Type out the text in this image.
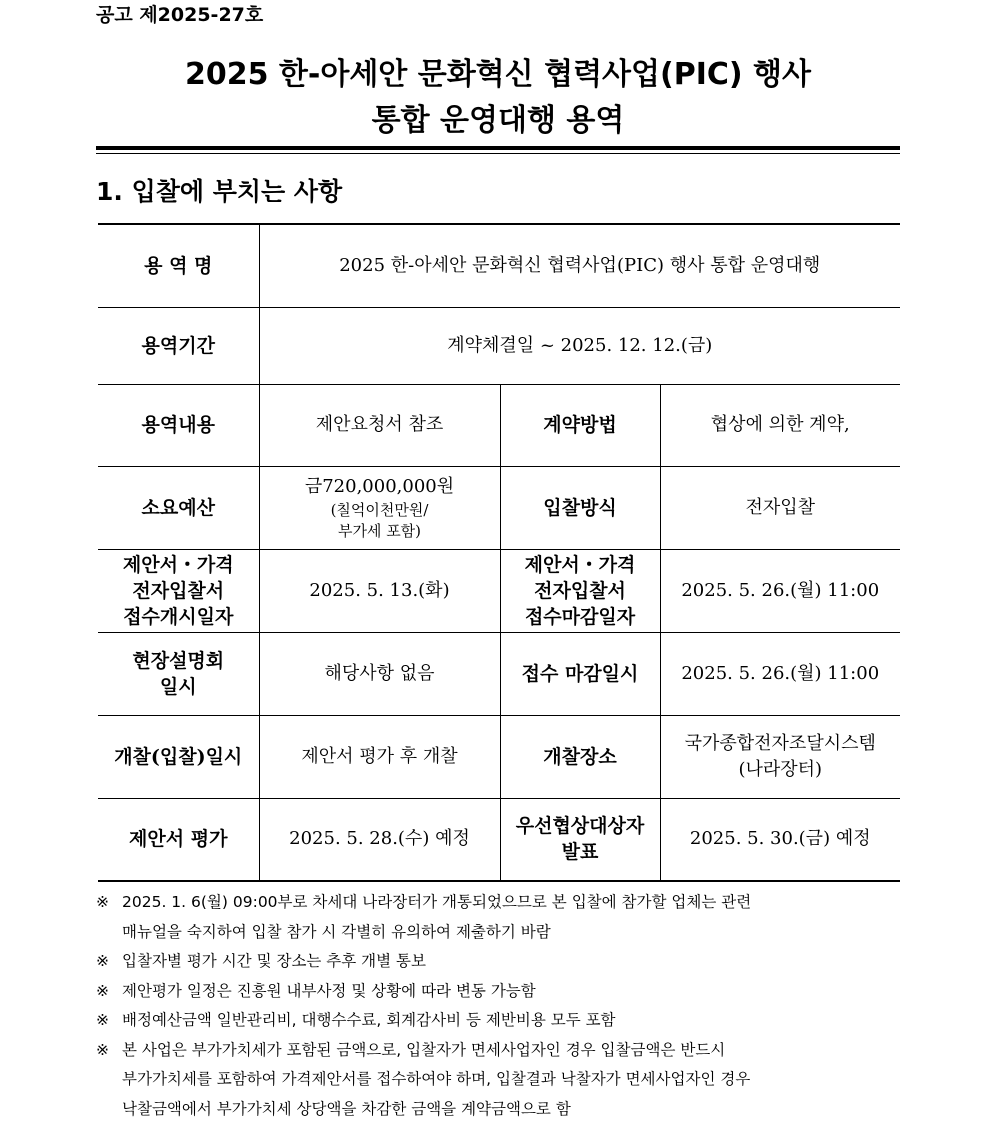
공고 제2025-27호
2025 한-아세안 문화혁신 협력사업(PIC) 행사
통합 운영대행 용역
1. 입찰에 부치는 사항
용 역 명	2025 한-아세안 문화혁신 협력사업(PIC) 행사 통합 운영대행		
용역기간	계약체결일 ~ 2025. 12. 12.(금)		
용역내용	제안요청서 참조	계약방법	협상에 의한 계약,
소요예산	금720,000,000원
(칠억이천만원/
부가세 포함)	입찰방식	전자입찰

제안서・가격
전자입찰서
접수개시일자	2025. 5. 13.(화)	제안서・가격
전자입찰서
접수마감일자	2025. 5. 26.(월) 11:00

현장설명회
일시	해당사항 없음	접수 마감일시	2025. 5. 26.(월) 11:00
개찰(입찰)일시	제안서 평가 후 개찰	개찰장소	국가종합전자조달시스템
(나라장터)

제안서 평가	2025. 5. 28.(수) 예정	우선협상대상자
발표	2025. 5. 30.(금) 예정
※ 2025. 1. 6(월) 09:00부로 차세대 나라장터가 개통되었으므로 본 입찰에 참가할 업체는 관련
매뉴얼을 숙지하여 입찰 참가 시 각별히 유의하여 제출하기 바람
※ 입찰자별 평가 시간 및 장소는 추후 개별 통보
※ 제안평가 일정은 진흥원 내부사정 및 상황에 따라 변동 가능함
※ 배정예산금액 일반관리비, 대행수수료, 회계감사비 등 제반비용 모두 포함
※ 본 사업은 부가가치세가 포함된 금액으로, 입찰자가 면세사업자인 경우 입찰금액은 반드시
부가가치세를 포함하여 가격제안서를 접수하여야 하며, 입찰결과 낙찰자가 면세사업자인 경우
낙찰금액에서 부가가치세 상당액을 차감한 금액을 계약금액으로 함
